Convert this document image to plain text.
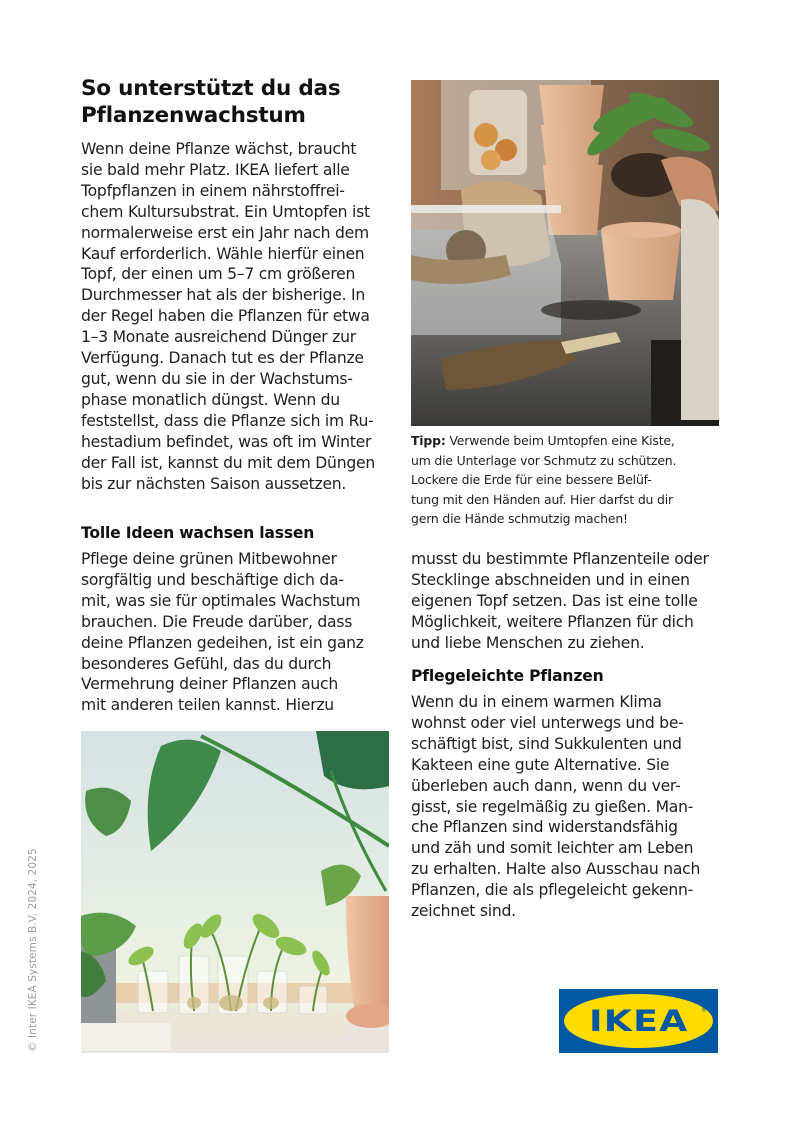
So unterstützt du das
Pflanzenwachstum
Wenn deine Pflanze wächst, braucht
sie bald mehr Platz. IKEA liefert alle
Topfpflanzen in einem nährstoffrei-
chem Kultursubstrat. Ein Umtopfen ist
normalerweise erst ein Jahr nach dem
Kauf erforderlich. Wähle hierfür einen
Topf, der einen um 5–7 cm größeren
Durchmesser hat als der bisherige. In
der Regel haben die Pflanzen für etwa
1–3 Monate ausreichend Dünger zur
Verfügung. Danach tut es der Pflanze
gut, wenn du sie in der Wachstums-
phase monatlich düngst. Wenn du
feststellst, dass die Pflanze sich im Ru-
hestadium befindet, was oft im Winter
der Fall ist, kannst du mit dem Düngen
bis zur nächsten Saison aussetzen.
Tolle Ideen wachsen lassen
Pflege deine grünen Mitbewohner
sorgfältig und beschäftige dich da-
mit, was sie für optimales Wachstum
brauchen. Die Freude darüber, dass
deine Pflanzen gedeihen, ist ein ganz
besonderes Gefühl, das du durch
Vermehrung deiner Pflanzen auch
mit anderen teilen kannst. Hierzu
Tipp: Verwende beim Umtopfen eine Kiste,
um die Unterlage vor Schmutz zu schützen.
Lockere die Erde für eine bessere Belüf-
tung mit den Händen auf. Hier darfst du dir
gern die Hände schmutzig machen!
musst du bestimmte Pflanzenteile oder
Stecklinge abschneiden und in einen
eigenen Topf setzen. Das ist eine tolle
Möglichkeit, weitere Pflanzen für dich
und liebe Menschen zu ziehen.
Pflegeleichte Pflanzen
Wenn du in einem warmen Klima
wohnst oder viel unterwegs und be-
schäftigt bist, sind Sukkulenten und
Kakteen eine gute Alternative. Sie
überleben auch dann, wenn du ver-
gisst, sie regelmäßig zu gießen. Man-
che Pflanzen sind widerstandsfähig
und zäh und somit leichter am Leben
zu erhalten. Halte also Ausschau nach
Pflanzen, die als pflegeleicht gekenn-
zeichnet sind.
IKEA ®
© Inter IKEA Systems B.V. 2024, 2025
